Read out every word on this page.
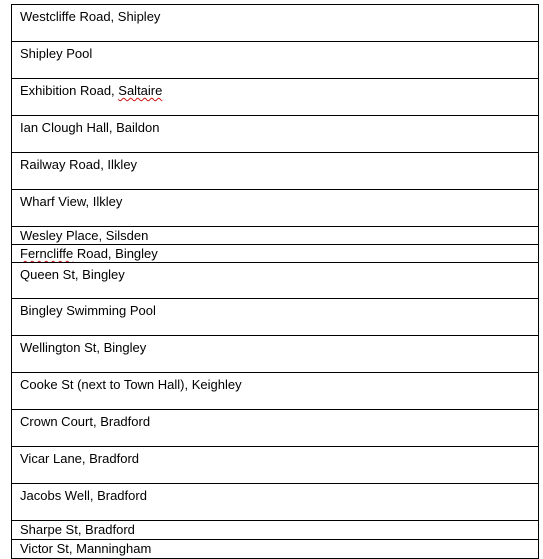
Westcliffe Road, Shipley

Shipley Pool

Exhibition Road, Saltaire

Ian Clough Hall, Baildon

Railway Road, Ilkley

Wharf View, Ilkley

Wesley Place, Silsden

Ferncliffe Road, Bingley

Queen St, Bingley

Bingley Swimming Pool

Wellington St, Bingley

Cooke St (next to Town Hall), Keighley

Crown Court, Bradford

Vicar Lane, Bradford

Jacobs Well, Bradford

Sharpe St, Bradford

Victor St, Manningham
